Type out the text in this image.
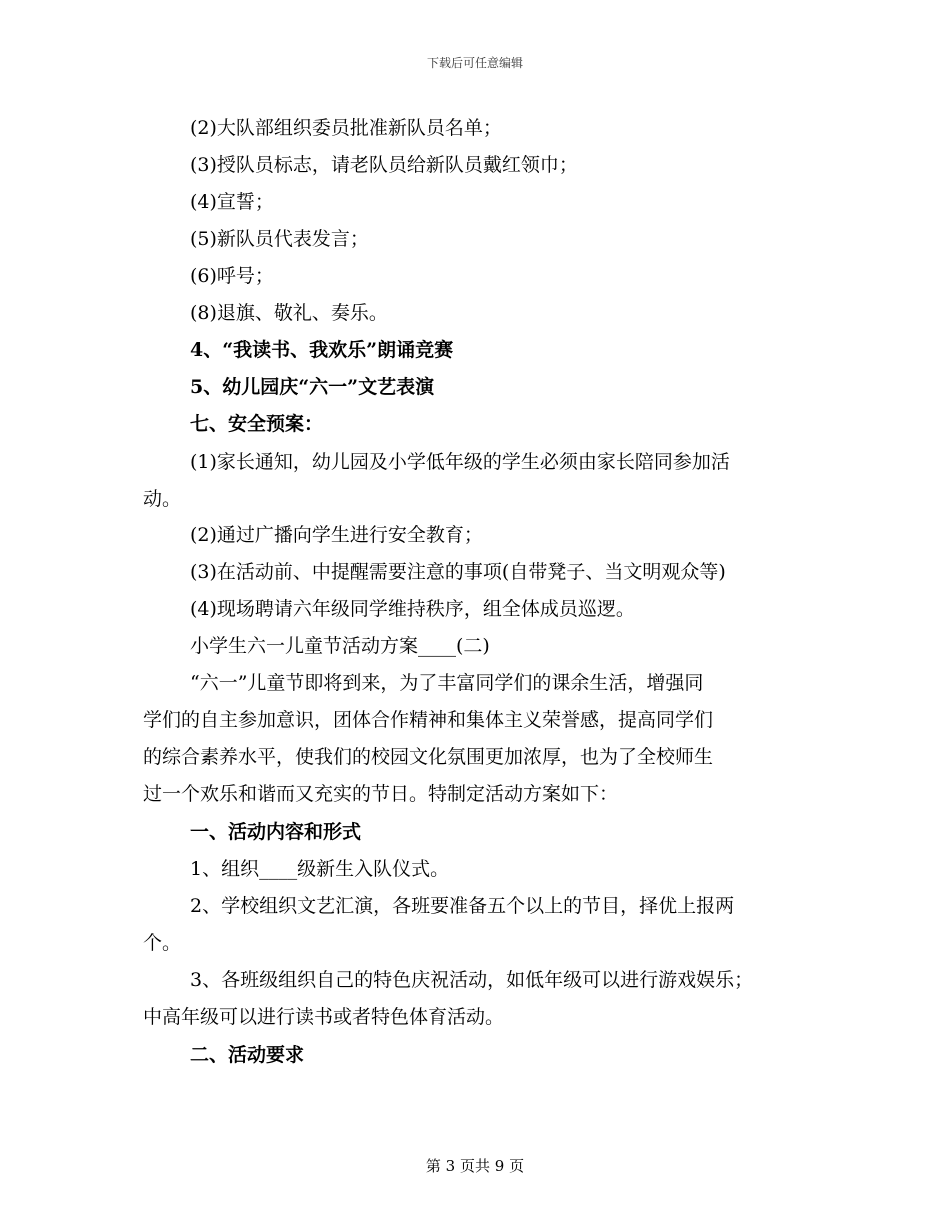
下载后可任意编辑
(2)大队部组织委员批准新队员名单；
(3)授队员标志，请老队员给新队员戴红领巾；
(4)宣誓；
(5)新队员代表发言；
(6)呼号；
(8)退旗、敬礼、奏乐。
4、“我读书、我欢乐”朗诵竞赛
5、幼儿园庆“六一”文艺表演
七、安全预案：
(1)家长通知，幼儿园及小学低年级的学生必须由家长陪同参加活
动。
(2)通过广播向学生进行安全教育；
(3)在活动前、中提醒需要注意的事项(自带凳子、当文明观众等)
(4)现场聘请六年级同学维持秩序，组全体成员巡逻。
小学生六一儿童节活动方案____(二)
“六一”儿童节即将到来，为了丰富同学们的课余生活，增强同
学们的自主参加意识，团体合作精神和集体主义荣誉感，提高同学们
的综合素养水平，使我们的校园文化氛围更加浓厚，也为了全校师生
过一个欢乐和谐而又充实的节日。特制定活动方案如下：
一、活动内容和形式
1、组织____级新生入队仪式。
2、学校组织文艺汇演，各班要准备五个以上的节目，择优上报两
个。
3、各班级组织自己的特色庆祝活动，如低年级可以进行游戏娱乐；
中高年级可以进行读书或者特色体育活动。
二、活动要求
第 3 页共 9 页
